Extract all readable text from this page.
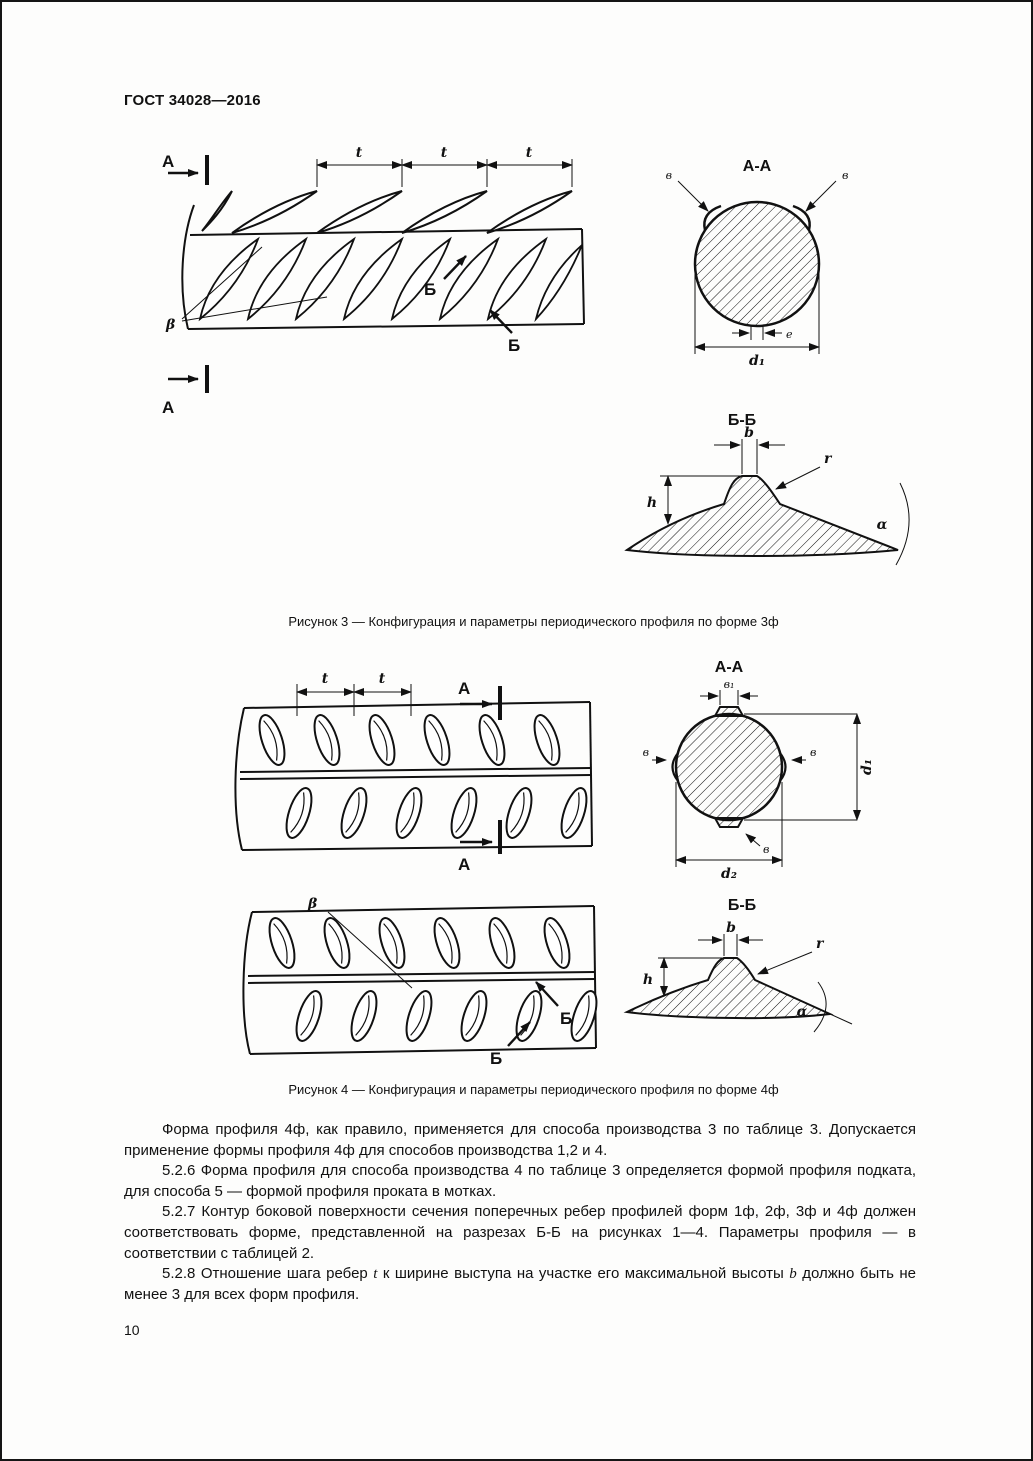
ГОСТ 34028—2016
А
А
t	t	t
β
Б
Б
А-А
в	в
е
d₁
Б-Б
b
h
r
α
Рисунок 3 — Конфигурация и параметры периодического профиля по форме 3ф
t	t	А
А
А-А
в₁
в	в
в
d₁
d₂
β
Б
Б
Б-Б
b
h
r
α
Рисунок 4 — Конфигурация и параметры периодического профиля по форме 4ф

Форма профиля 4ф, как правило, применяется для способа производства 3 по таблице 3. Допускается применение формы профиля 4ф для способов производства 1,2 и 4.

5.2.6 Форма профиля для способа производства 4 по таблице 3 определяется формой профиля подката, для способа 5 — формой профиля проката в мотках.

5.2.7 Контур боковой поверхности сечения поперечных ребер профилей форм 1ф, 2ф, 3ф и 4ф должен соответствовать форме, представленной на разрезах Б-Б на рисунках 1—4. Параметры профиля — в соответствии с таблицей 2.

5.2.8 Отношение шага ребер t к ширине выступа на участке его максимальной высоты b должно быть не менее 3 для всех форм профиля.

10
